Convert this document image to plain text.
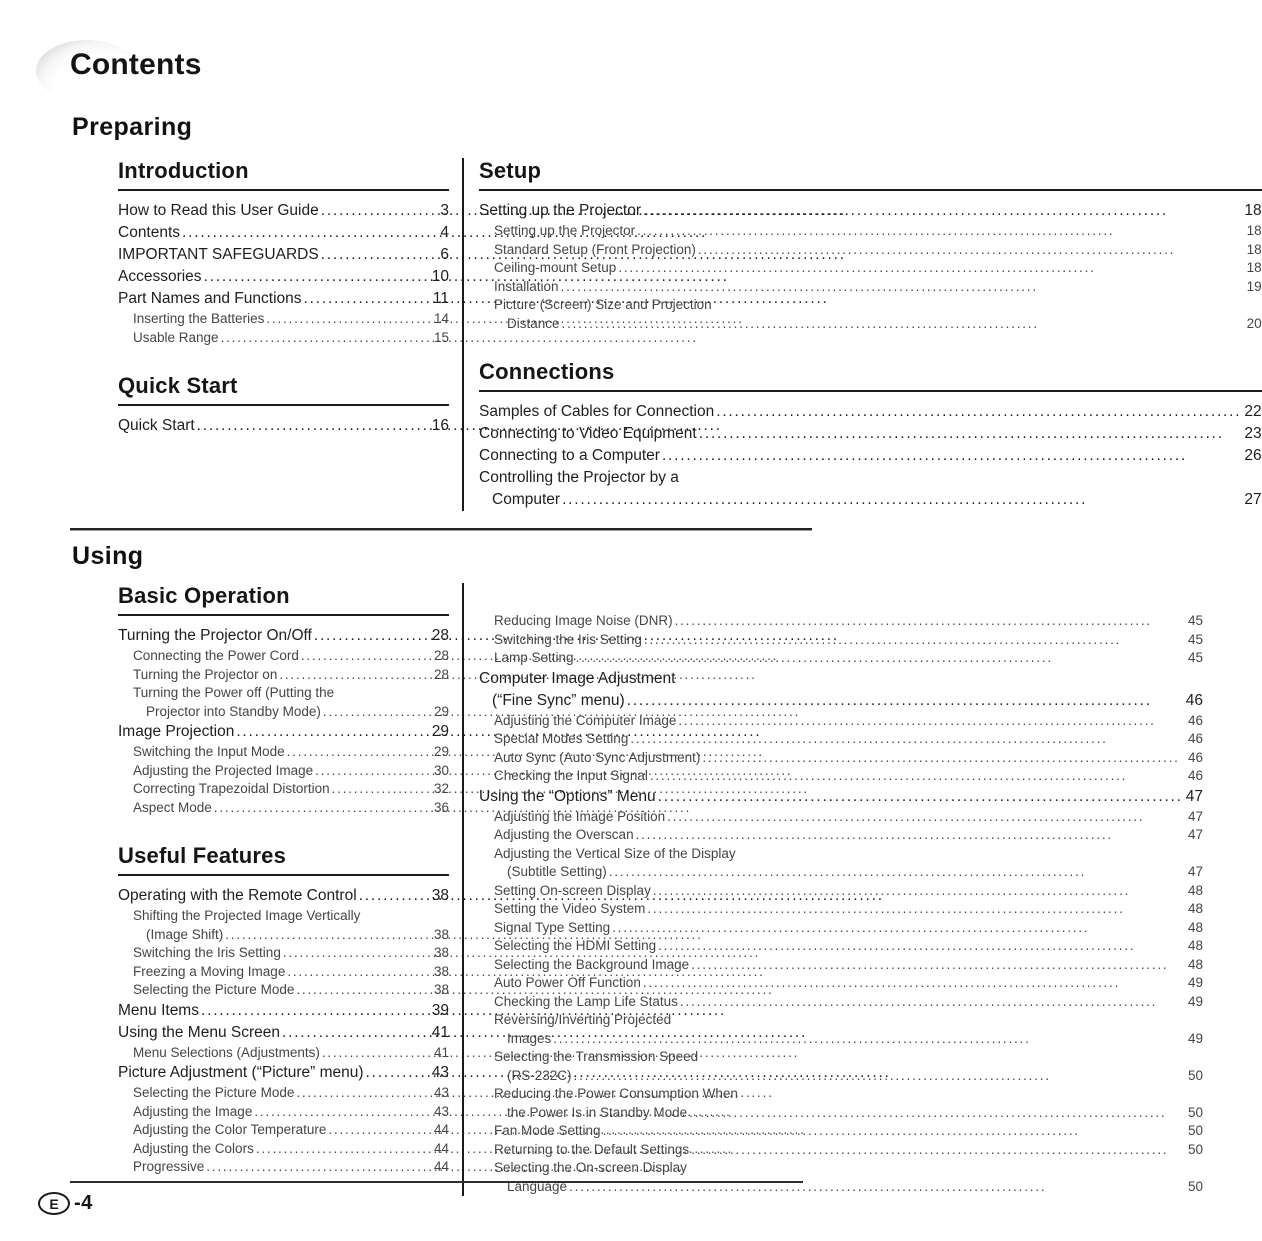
Contents
Preparing
Introduction
How to Read this User Guide .....	3
Contents .....	4
IMPORTANT SAFEGUARDS .....	6
Accessories .....	10
Part Names and Functions .....	11
Inserting the Batteries .....	14
Usable Range .....	15
Quick Start
Quick Start .....	16
Setup
Setting up the Projector .....	18
Setting up the Projector .....	18
Standard Setup (Front Projection) .....	18
Ceiling-mount Setup .....	18
Installation .....	19
Picture (Screen) Size and Projection
Distance .....	20
Connections
Samples of Cables for Connection .....	22
Connecting to Video Equipment .....	23
Connecting to a Computer .....	26
Controlling the Projector by a
Computer .....	27
Using
Basic Operation
Turning the Projector On/Off .....	28
Connecting the Power Cord .....	28
Turning the Projector on .....	28
Turning the Power off (Putting the
Projector into Standby Mode) .....	29
Image Projection .....	29
Switching the Input Mode .....	29
Adjusting the Projected Image .....	30
Correcting Trapezoidal Distortion .....	32
Aspect Mode .....	36
Useful Features
Operating with the Remote Control .....	38
Shifting the Projected Image Vertically
(Image Shift) .....	38
Switching the Iris Setting .....	38
Freezing a Moving Image .....	38
Selecting the Picture Mode .....	38
Menu Items .....	39
Using the Menu Screen .....	41
Menu Selections (Adjustments) .....	41
Picture Adjustment (“Picture” menu) .....	43
Selecting the Picture Mode .....	43
Adjusting the Image .....	43
Adjusting the Color Temperature .....	44
Adjusting the Colors .....	44
Progressive .....	44
Reducing Image Noise (DNR) .....	45
Switching the Iris Setting .....	45
Lamp Setting .....	45
Computer Image Adjustment
(“Fine Sync” menu) .....	46
Adjusting the Computer Image .....	46
Special Modes Setting .....	46
Auto Sync (Auto Sync Adjustment) .....	46
Checking the Input Signal .....	46
Using the “Options” Menu .....	47
Adjusting the Image Position .....	47
Adjusting the Overscan .....	47
Adjusting the Vertical Size of the Display
(Subtitle Setting) .....	47
Setting On-screen Display .....	48
Setting the Video System .....	48
Signal Type Setting .....	48
Selecting the HDMI Setting .....	48
Selecting the Background Image .....	48
Auto Power Off Function .....	49
Checking the Lamp Life Status .....	49
Reversing/Inverting Projected
Images .....	49
Selecting the Transmission Speed
(RS-232C) .....	50
Reducing the Power Consumption When
the Power Is in Standby Mode .....	50
Fan Mode Setting .....	50
Returning to the Default Settings .....	50
Selecting the On-screen Display
Language .....	50
E -4
